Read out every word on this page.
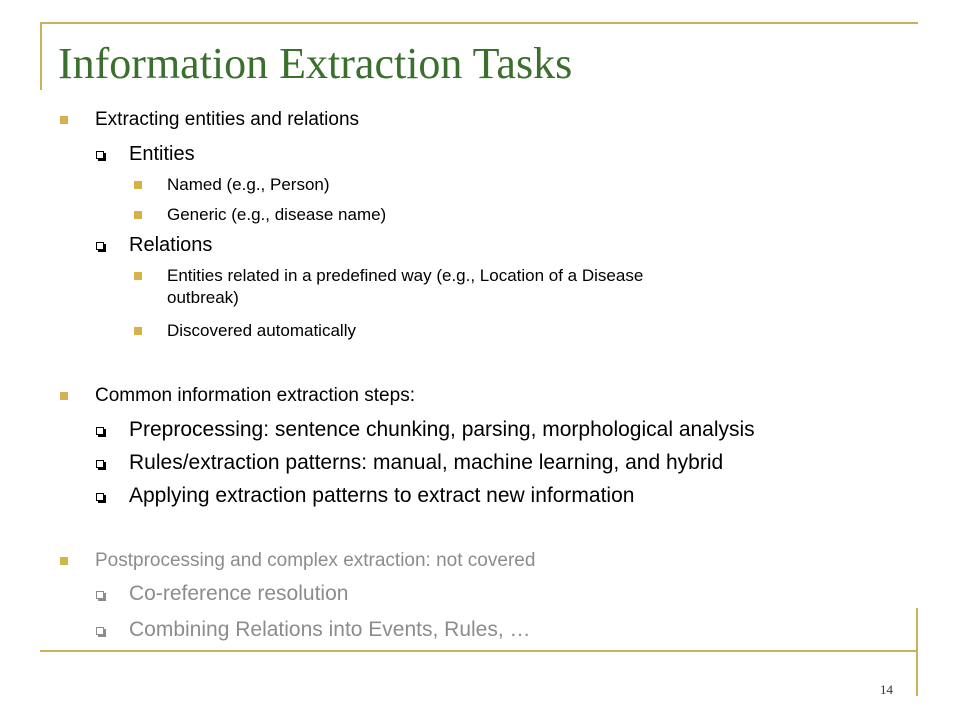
Information Extraction Tasks
Extracting entities and relations
Entities
Named (e.g., Person)
Generic (e.g., disease name)
Relations
Entities related in a predefined way (e.g., Location of a Disease
outbreak)
Discovered automatically
Common information extraction steps:
Preprocessing: sentence chunking, parsing, morphological analysis
Rules/extraction patterns: manual, machine learning, and hybrid
Applying extraction patterns to extract new information
Postprocessing and complex extraction: not covered
Co-reference resolution
Combining Relations into Events, Rules, …
14
